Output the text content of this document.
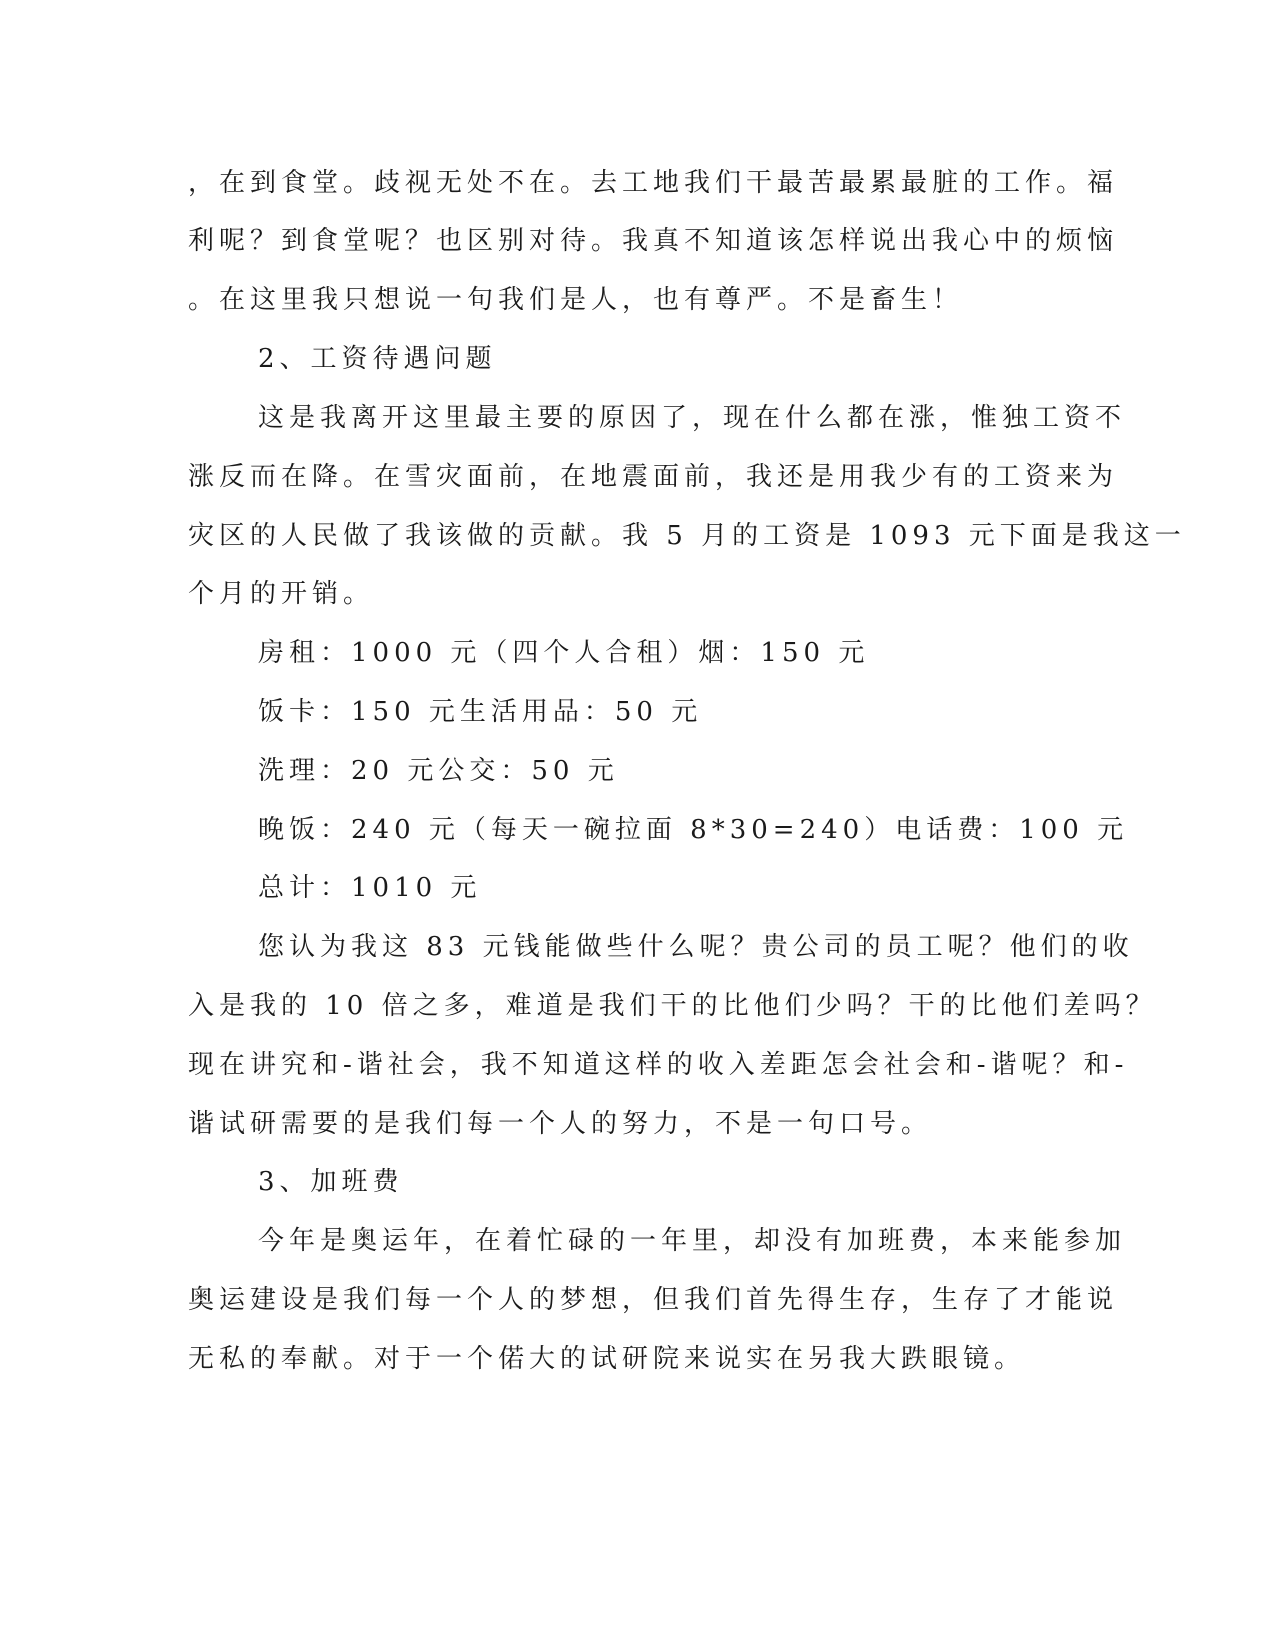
，在到食堂。歧视无处不在。去工地我们干最苦最累最脏的工作。福
利呢？到食堂呢？也区别对待。我真不知道该怎样说出我心中的烦恼
。在这里我只想说一句我们是人，也有尊严。不是畜生！
2、工资待遇问题
这是我离开这里最主要的原因了，现在什么都在涨，惟独工资不
涨反而在降。在雪灾面前，在地震面前，我还是用我少有的工资来为
灾区的人民做了我该做的贡献。我 5 月的工资是 1093 元下面是我这一
个月的开销。
房租：1000 元（四个人合租）烟：150 元
饭卡：150 元生活用品：50 元
洗理：20 元公交：50 元
晚饭：240 元（每天一碗拉面 8*30=240）电话费：100 元
总计：1010 元
您认为我这 83 元钱能做些什么呢？贵公司的员工呢？他们的收
入是我的 10 倍之多，难道是我们干的比他们少吗？干的比他们差吗？
现在讲究和-谐社会，我不知道这样的收入差距怎会社会和-谐呢？和-
谐试研需要的是我们每一个人的努力，不是一句口号。
3、加班费
今年是奥运年，在着忙碌的一年里，却没有加班费，本来能参加
奥运建设是我们每一个人的梦想，但我们首先得生存，生存了才能说
无私的奉献。对于一个偌大的试研院来说实在另我大跌眼镜。
